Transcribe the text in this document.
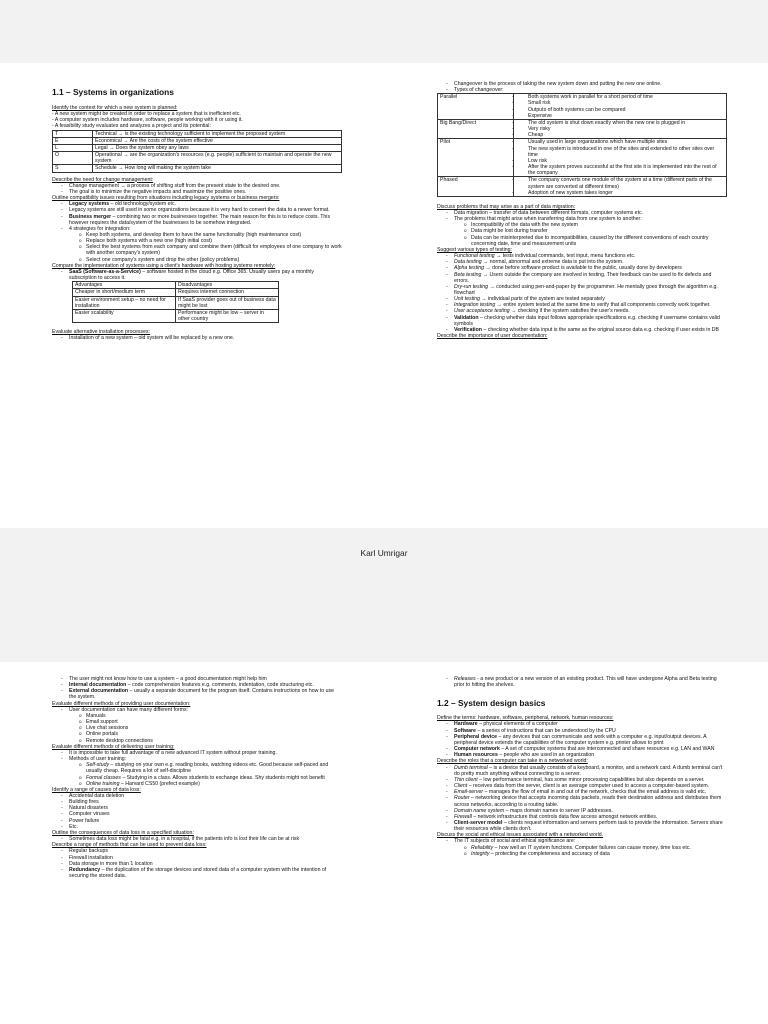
1.1 – Systems in organizations

Identify the context for which a new system is planned:

- A new system might be created in order to replace a system that is inefficient etc.

- A computer system includes hardware, software, people working with it or using it.

- A feasibility study evaluates and analyzes a project and its potential:

T	Technical → is the existing technology sufficient to implement the proposed system
E	Economical → Are the costs of the system effective
L	Legal → Does the system obey any laws
O	Operational → are the organization's resources (e.g. people) sufficient to maintain and operate the new system
S	Schedule → How long will making the system take

Describe the need for change management:

- Change management → a process of shifting stuff from the present state to the desired one.

- The goal is to minimize the negative impacts and maximize the positive ones.

Outline compatibility issues resulting from situations including legacy systems or business mergers:

- Legacy systems – old technology/system etc.

- Legacy systems are still used in some organizations because it is very hard to convert the data to a newer format.

- Business merger – combining two or more businesses together. The main reason for this is to reduce costs. This however requires the data/system of the businesses to be somehow integrated.

- 4 strategies for integration:

o Keep both systems, and develop them to have the same functionality (high maintenance cost)

o Replace both systems with a new one (high initial cost)

o Select the best systems from each company and combine them (difficult for employees of one company to work with another company's system)

o Select one company's system and drop the other (policy problems)

Compare the implementation of systems using a client's hardware with hosting systems remotely:

- SaaS (Software-as-a-Service) – software hosted in the cloud e.g. Office 365. Usually users pay a monthly subscription to access it.

Advantages	Disadvantages
Cheaper in short/medium term	Requires internet connection
Easier environment setup – no need for installation	If SaaS provider goes out of business data might be lost
Easier scalability	Performance might be low – server in other country

Evaluate alternative installation processes:

- Installation of a new system – old system will be replaced by a new one.

- Changeover is the process of taking the new system down and putting the new one online.

- Types of changeover:

Parallel	- Both systems work in parallel for a short period of time

- Small risk

- Outputs of both systems can be compared

- Expensive

Big Bang/Direct	- The old system is shut down exactly when the new one is plugged in

- Very risky

- Cheap

Pilot	- Usually used in large organizations which have multiple sites

- The new system is introduced in one of the sites and extended to other sites over time

- Low risk

- After the system proves successful at the first site it is implemented into the rest of the company

Phased	- The company converts one module of the system at a time (different parts of the system are converted at different times)

- Adoption of new system takes longer

Discuss problems that may arise as a part of data migration:

- Data migration – transfer of data between different formats, computer systems etc.

- The problems that might arise when transferring data from one system to another:

o Incompatibility of the data with the new system

o Data might be lost during transfer

o Data can be misinterpreted due to incompatibilities, caused by the different conventions of each country concerning date, time and measurement units

Suggest various types of testing:

- Functional testing → tests individual commands, text input, menu functions etc.

- Data testing → normal, abnormal and extreme data is put into the system.

- Alpha testing → done before software product is available to the public, usually done by developers

- Beta testing → Users outside the company are involved in testing. Their feedback can be used to fix defects and errors.

- Dry-run testing → conducted using pen-and-paper by the programmer. He mentally goes through the algorithm e.g. flowchart

- Unit testing → individual parts of the system are tested separately

- Integration testing → entire system tested at the same time to verify that all components correctly work together.

- User acceptance testing → checking if the system satisfies the user's needs.

- Validation – checking whether data input follows appropriate specifications e.g. checking if username contains valid symbols

- Verification – checking whether data input is the same as the original source data e.g. checking if user exists in DB

Describe the importance of user documentation:

Karl Umrigar

- The user might not know how to use a system – a good documentation might help him

- Internal documentation – code comprehension features e.g. comments, indentation, code structuring etc.

- External documentation – usually a separate document for the program itself. Contains instructions on how to use the system.

Evaluate different methods of providing user documentation:

- User documentation can have many different forms:

o Manuals

o Email support

o Live chat sessions

o Online portals

o Remote desktop connections

Evaluate different methods of delivering user training:

- It is impossible to take full advantage of a new advanced IT system without proper training.

- Methods of user training:

o Self-study – studying on your own e.g. reading books, watching videos etc. Good because self-paced and usually cheap. Requires a lot of self-discipline

o Formal classes – Studying in a class. Allows students to exchange ideas. Shy students might not benefit

o Online training – Harvard CS50 (prefect example)

Identify a range of causes of data loss:

- Accidental data deletion

- Building fires

- Natural disasters

- Computer viruses

- Power failure

- Etc.

Outline the consequences of data loss in a specified situation:

- Sometimes data loss might be fatal e.g. in a hospital, if the patients info is lost their life can be at risk

Describe a range of methods that can be used to prevent data loss:

- Regular backups

- Firewall installation

- Data storage in more than 1 location

- Redundancy – the duplication of the storage devices and stored data of a computer system with the intention of securing the stored data.

- Releases - a new product or a new version of an existing product. This will have undergone Alpha and Beta testing prior to hitting the shelves.

1.2 – System design basics

Define the terms: hardware, software, peripheral, network, human resources:

- Hardware – physical elements of a computer

- Software – a series of instructions that can be understood by the CPU

- Peripheral device – any devices that can communicate and work with a computer e.g. input/output devices. A peripheral device extends the capabilities of the computer system e.g. printer allows to print

- Computer network – A set of computer systems that are interconnected and share resources e.g. LAN and WAN

- Human resources – people who are used in an organization

Describe the roles that a computer can take in a networked world:

- Dumb terminal – is a device that usually consists of a keyboard, a monitor, and a network card. A dumb terminal can't do pretty much anything without connecting to a server.

- Thin client – low performance terminal, has some minor processing capabilities but also depends on a server.

- Client – receives data from the server, client is an average computer used to access a computer-based system.

- Email-server – manages the flow of email in and out of the network, checks that the email address is valid etc.

- Router – networking device that accepts incoming data packets, reads their destination address and distributes them across networks, according to a routing table.

- Domain name system – maps domain names to server IP addresses.

- Firewall – network infrastructure that controls data flow access amongst network entities.

- Client-server model – clients request information and servers perform task to provide the information. Servers share their resources while clients don't.

Discuss the social and ethical issues associated with a networked world.

- The IT subjects of social and ethical significance are:

o Reliability – how well an IT system functions. Computer failures can cause money, time loss etc.

o Integrity – protecting the completeness and accuracy of data
